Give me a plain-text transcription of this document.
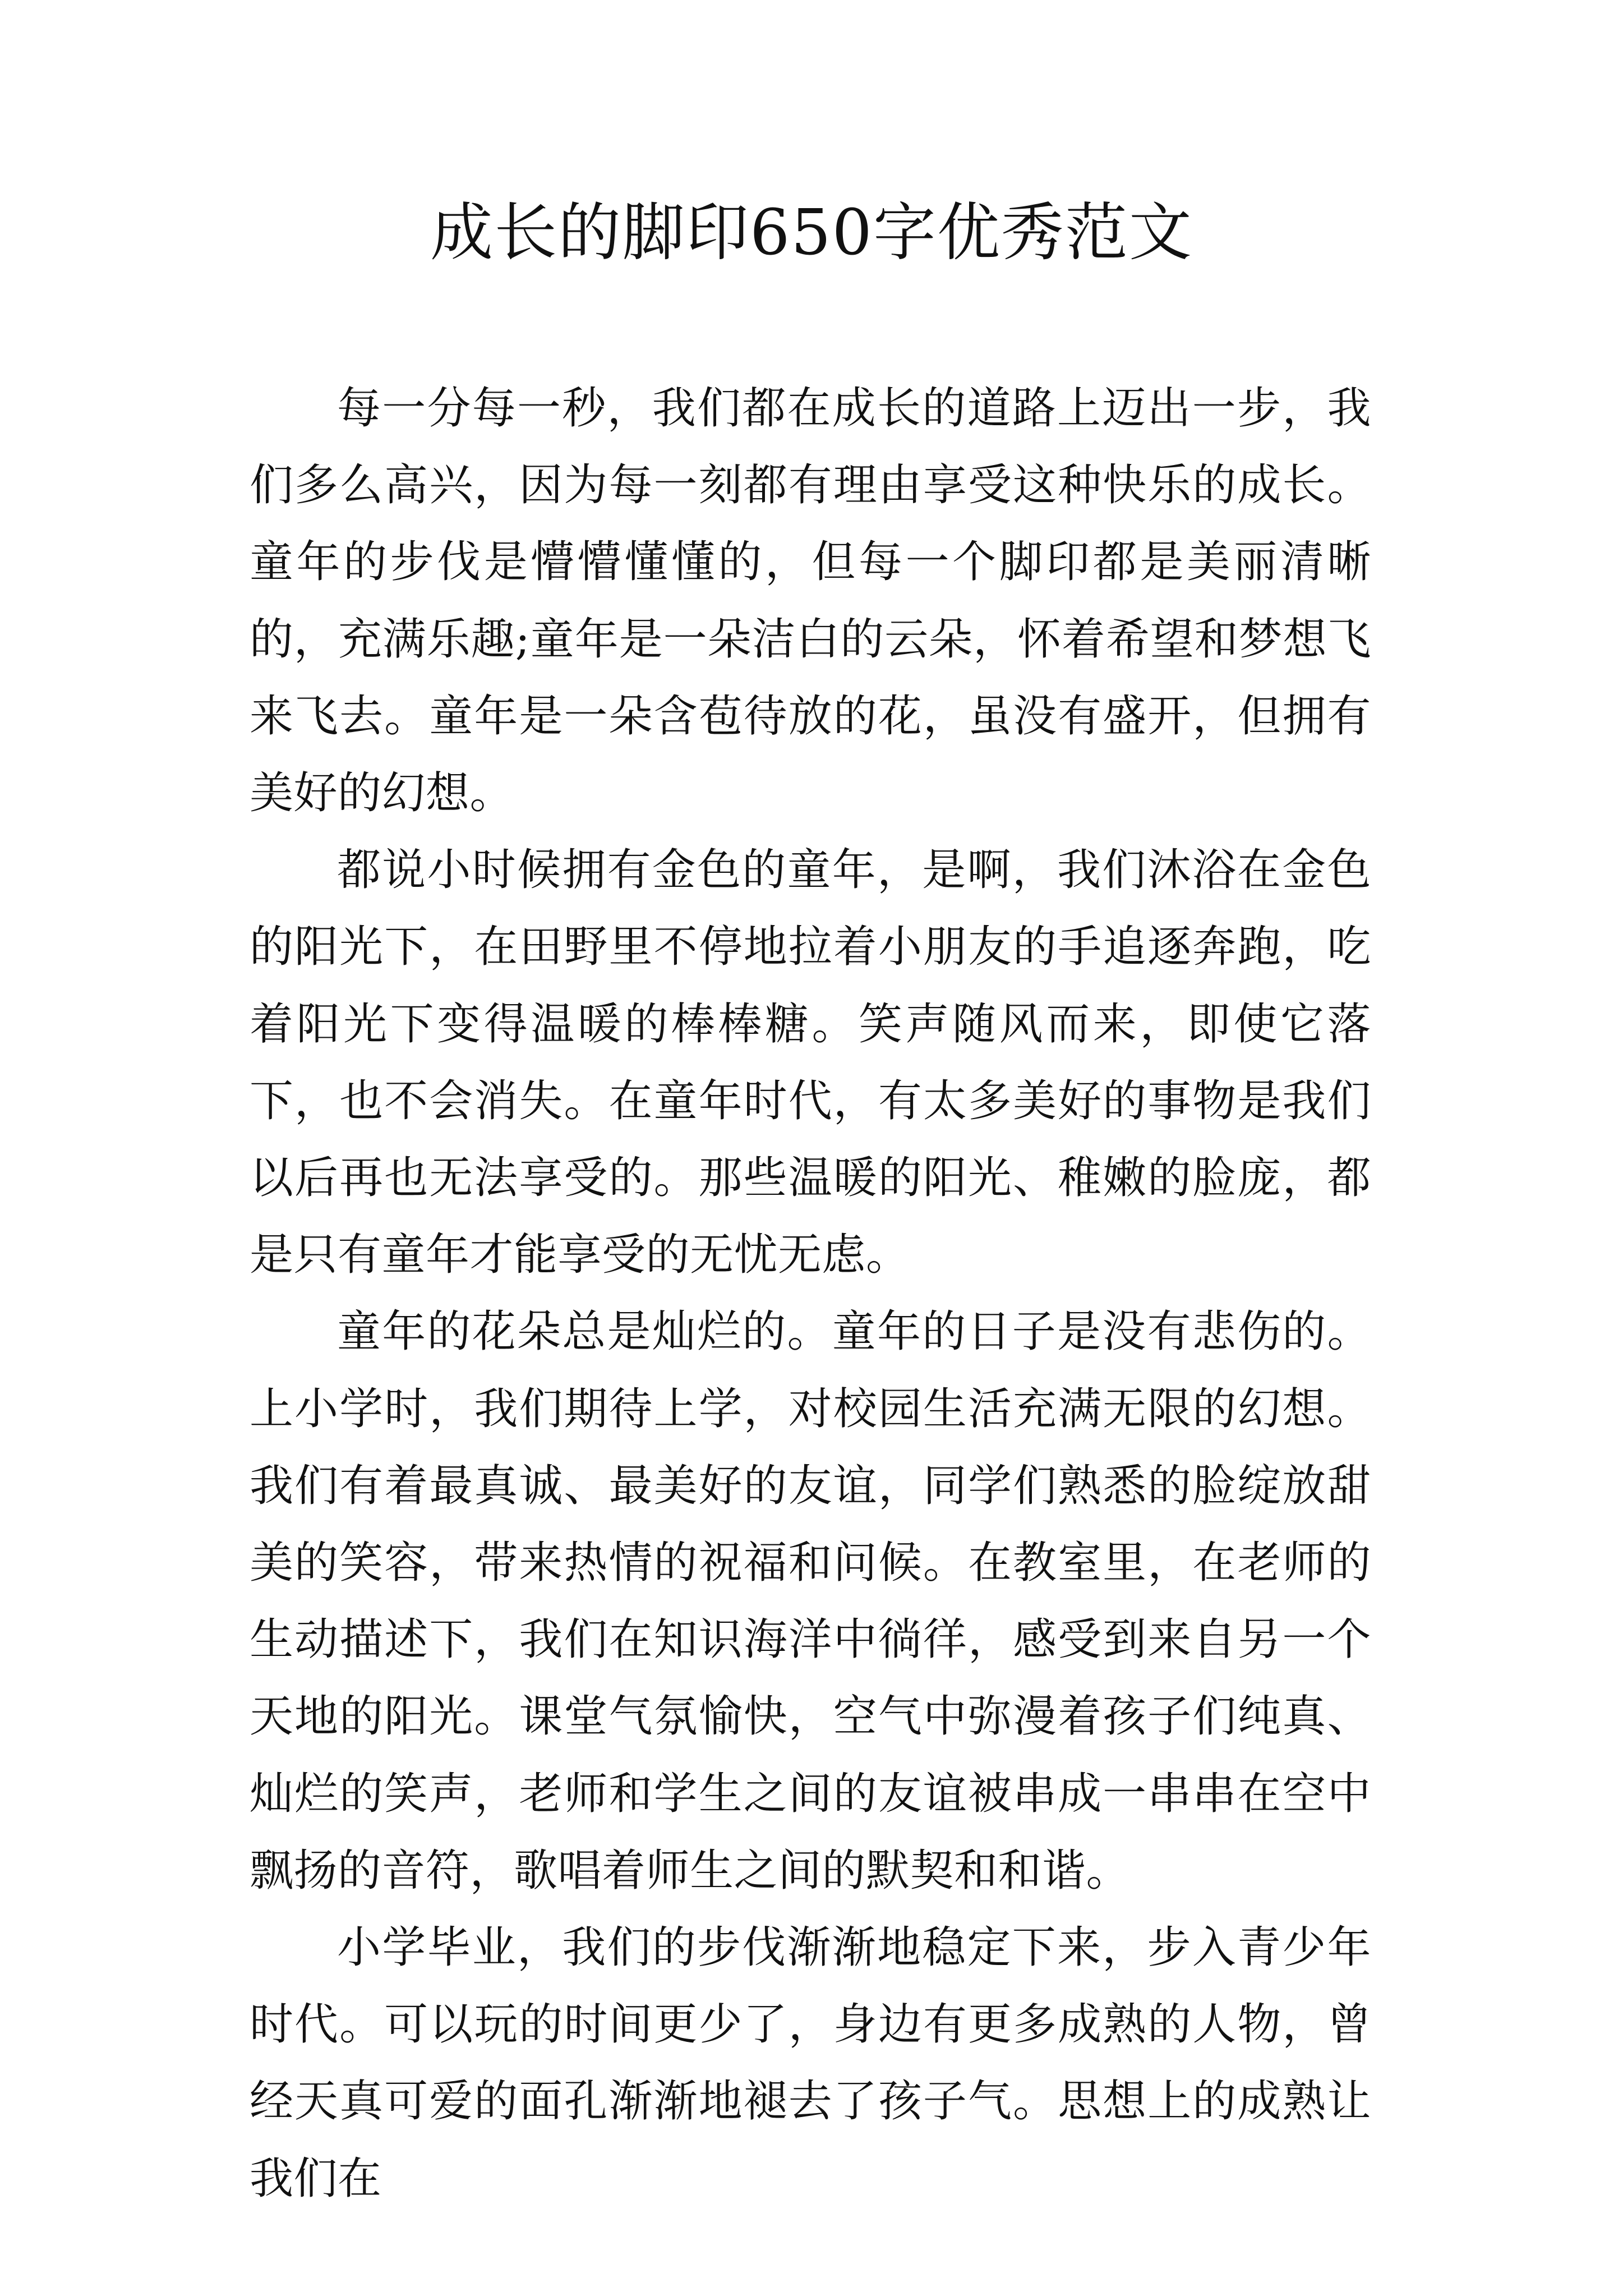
成长的脚印650字优秀范文

每一分每一秒，我们都在成长的道路上迈出一步，我们多么高兴，因为每一刻都有理由享受这种快乐的成长。童年的步伐是懵懵懂懂的，但每一个脚印都是美丽清晰的，充满乐趣;童年是一朵洁白的云朵，怀着希望和梦想飞来飞去。童年是一朵含苞待放的花，虽没有盛开，但拥有美好的幻想。

都说小时候拥有金色的童年，是啊，我们沐浴在金色的阳光下，在田野里不停地拉着小朋友的手追逐奔跑，吃着阳光下变得温暖的棒棒糖。笑声随风而来，即使它落下，也不会消失。在童年时代，有太多美好的事物是我们以后再也无法享受的。那些温暖的阳光、稚嫩的脸庞，都是只有童年才能享受的无忧无虑。

童年的花朵总是灿烂的。童年的日子是没有悲伤的。上小学时，我们期待上学，对校园生活充满无限的幻想。我们有着最真诚、最美好的友谊，同学们熟悉的脸绽放甜美的笑容，带来热情的祝福和问候。在教室里，在老师的生动描述下，我们在知识海洋中徜徉，感受到来自另一个天地的阳光。课堂气氛愉快，空气中弥漫着孩子们纯真、灿烂的笑声，老师和学生之间的友谊被串成一串串在空中飘扬的音符，歌唱着师生之间的默契和和谐。

小学毕业，我们的步伐渐渐地稳定下来，步入青少年时代。可以玩的时间更少了，身边有更多成熟的人物，曾经天真可爱的面孔渐渐地褪去了孩子气。思想上的成熟让我们在
